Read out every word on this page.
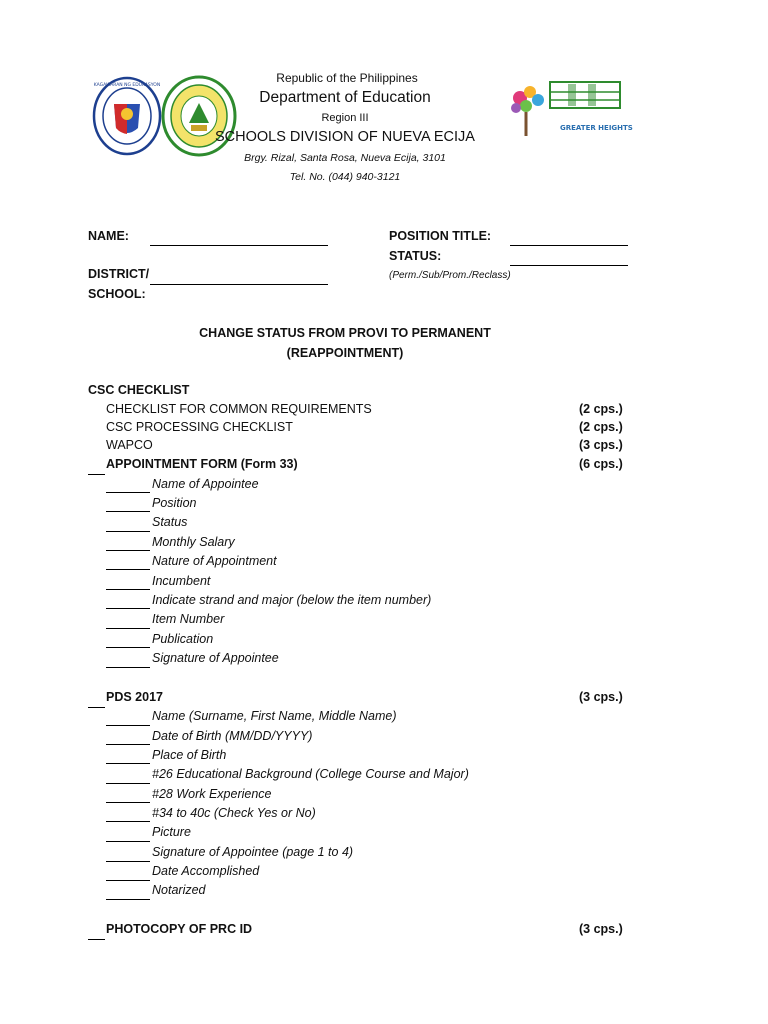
KAGAWARAN NG EDUKASYON
GREATER HEIGHTS
Republic of the Philippines
Department of Education
Region III
SCHOOLS DIVISION OF NUEVA ECIJA
Brgy. Rizal, Santa Rosa, Nueva Ecija, 3101
Tel. No. (044) 940-3121
NAME:
DISTRICT/
SCHOOL:
POSITION TITLE:
STATUS:
(Perm./Sub/Prom./Reclass)
CHANGE STATUS FROM PROVI TO PERMANENT
(REAPPOINTMENT)
CSC CHECKLIST
CHECKLIST FOR COMMON REQUIREMENTS	(2 cps.)
CSC PROCESSING CHECKLIST	(2 cps.)
WAPCO	(3 cps.)
APPOINTMENT FORM (Form 33)	(6 cps.)
Name of Appointee
Position
Status
Monthly Salary
Nature of Appointment
Incumbent
Indicate strand and major (below the item number)
Item Number
Publication
Signature of Appointee
PDS 2017	(3 cps.)
Name (Surname, First Name, Middle Name)
Date of Birth (MM/DD/YYYY)
Place of Birth
#26 Educational Background (College Course and Major)
#28 Work Experience
#34 to 40c (Check Yes or No)
Picture
Signature of Appointee (page 1 to 4)
Date Accomplished
Notarized
PHOTOCOPY OF PRC ID	(3 cps.)
